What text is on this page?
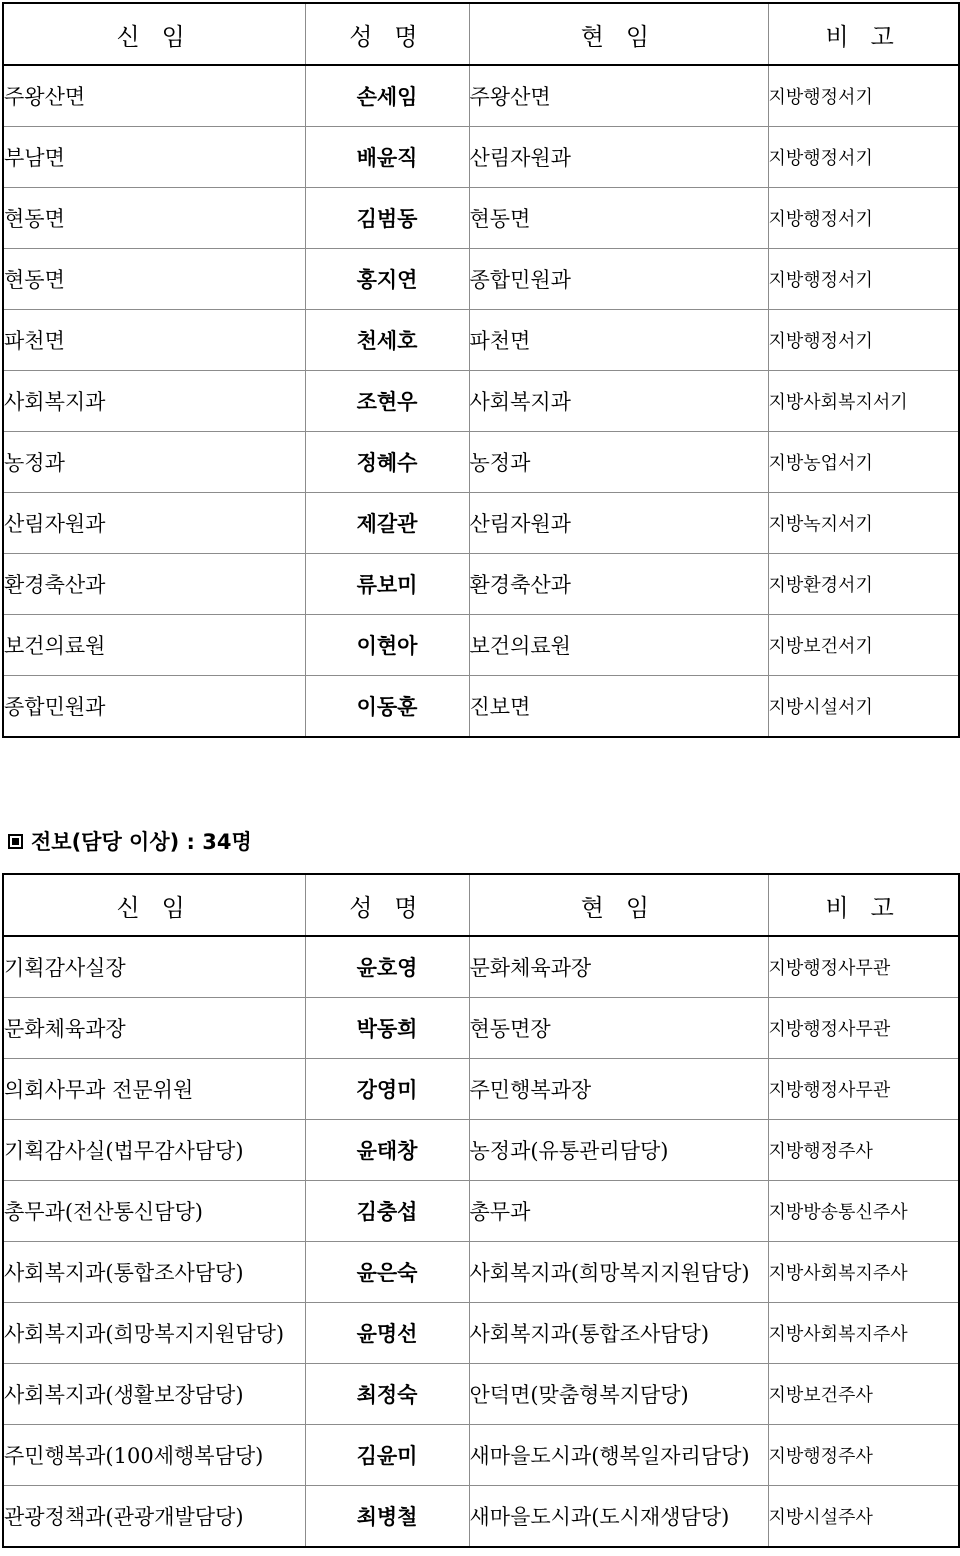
신 임	성 명	현 임	비 고
주왕산면	손세임	주왕산면	지방행정서기
부남면	배윤직	산림자원과	지방행정서기
현동면	김범동	현동면	지방행정서기
현동면	홍지연	종합민원과	지방행정서기
파천면	천세호	파천면	지방행정서기
사회복지과	조현우	사회복지과	지방사회복지서기
농정과	정혜수	농정과	지방농업서기
산림자원과	제갈관	산림자원과	지방녹지서기
환경축산과	류보미	환경축산과	지방환경서기
보건의료원	이현아	보건의료원	지방보건서기
종합민원과	이동훈	진보면	지방시설서기
전보(담당 이상) : 34명
신 임	성 명	현 임	비 고
기획감사실장	윤호영	문화체육과장	지방행정사무관
문화체육과장	박동희	현동면장	지방행정사무관
의회사무과 전문위원	강영미	주민행복과장	지방행정사무관
기획감사실(법무감사담당)	윤태창	농정과(유통관리담당)	지방행정주사
총무과(전산통신담당)	김충섭	총무과	지방방송통신주사
사회복지과(통합조사담당)	윤은숙	사회복지과(희망복지지원담당)	지방사회복지주사
사회복지과(희망복지지원담당)	윤명선	사회복지과(통합조사담당)	지방사회복지주사
사회복지과(생활보장담당)	최정숙	안덕면(맞춤형복지담당)	지방보건주사
주민행복과(100세행복담당)	김윤미	새마을도시과(행복일자리담당)	지방행정주사
관광정책과(관광개발담당)	최병철	새마을도시과(도시재생담당)	지방시설주사
